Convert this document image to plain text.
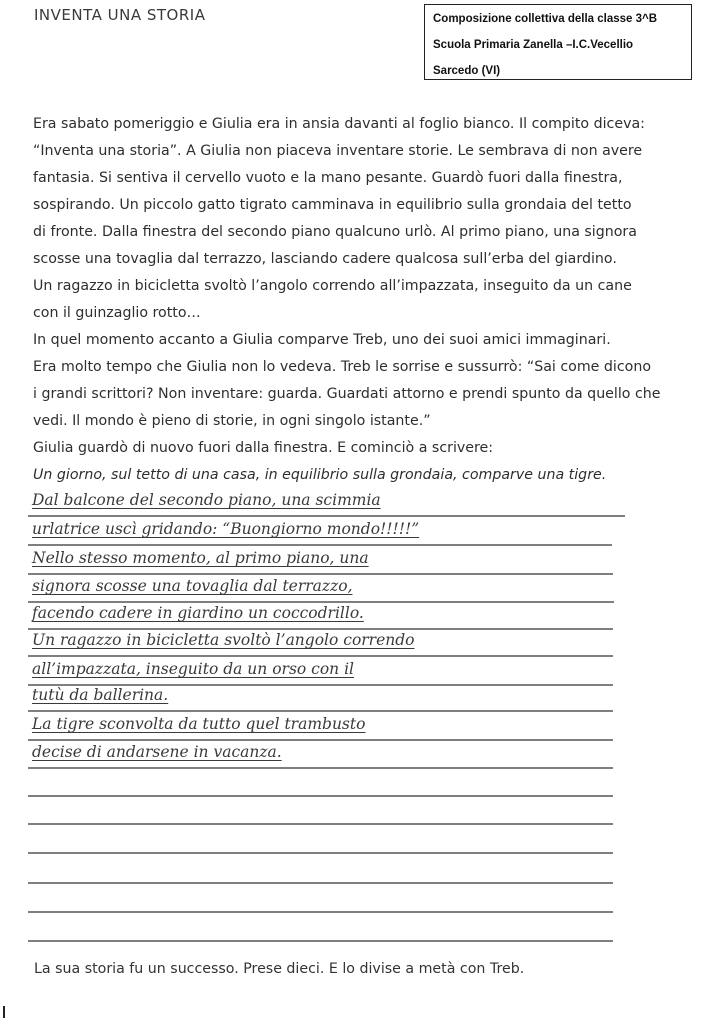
INVENTA UNA STORIA	Composizione collettiva della classe 3^B
Scuola Primaria Zanella –I.C.Vecellio
Sarcedo (VI)
Era sabato pomeriggio e Giulia era in ansia davanti al foglio bianco. Il compito diceva:
“Inventa una storia”. A Giulia non piaceva inventare storie. Le sembrava di non avere
fantasia. Si sentiva il cervello vuoto e la mano pesante. Guardò fuori dalla finestra,
sospirando. Un piccolo gatto tigrato camminava in equilibrio sulla grondaia del tetto
di fronte. Dalla finestra del secondo piano qualcuno urlò. Al primo piano, una signora
scosse una tovaglia dal terrazzo, lasciando cadere qualcosa sull’erba del giardino.
Un ragazzo in bicicletta svoltò l’angolo correndo all’impazzata, inseguito da un cane
con il guinzaglio rotto…
In quel momento accanto a Giulia comparve Treb, uno dei suoi amici immaginari.
Era molto tempo che Giulia non lo vedeva. Treb le sorrise e sussurrò: “Sai come dicono
i grandi scrittori? Non inventare: guarda. Guardati attorno e prendi spunto da quello che
vedi. Il mondo è pieno di storie, in ogni singolo istante.”
Giulia guardò di nuovo fuori dalla finestra. E cominciò a scrivere:
Un giorno, sul tetto di una casa, in equilibrio sulla grondaia, comparve una tigre.
Dal balcone del secondo piano, una scimmia
urlatrice uscì gridando: “Buongiorno mondo!!!!!”
Nello stesso momento, al primo piano, una
signora scosse una tovaglia dal terrazzo,
facendo cadere in giardino un coccodrillo.
Un ragazzo in bicicletta svoltò l’angolo correndo
all’impazzata, inseguito da un orso con il
tutù da ballerina.
La tigre sconvolta da tutto quel trambusto
decise di andarsene in vacanza.
La sua storia fu un successo. Prese dieci. E lo divise a metà con Treb.
